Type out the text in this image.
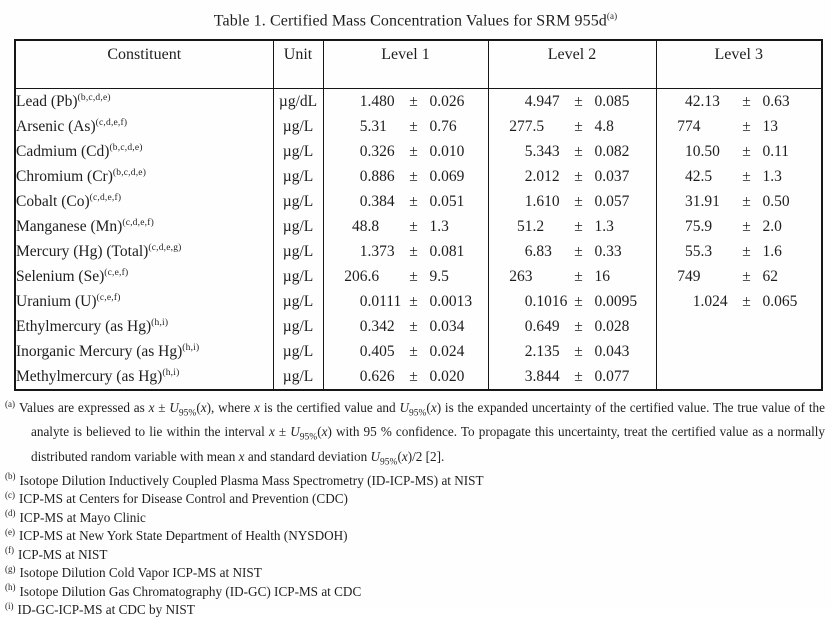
Table 1. Certified Mass Concentration Values for SRM $955d^{(a)}$
Constituent	Unit	Level 1	Level 2	Level 3
Lead $(Pb)^{(b,c,d,e)}$	µg/dL	1.480 ± 0.026	4.947 ± 0.085	42.13 ± 0.63
Arsenic $(As)^{(c,d,e,f)}$	µg/L	5.31 ± 0.76	277.5 ± 4.8	774 ± 13
Cadmium $(Cd)^{(b,c,d,e)}$	µg/L	0.326 ± 0.010	5.343 ± 0.082	10.50 ± 0.11
Chromium $(Cr)^{(b,c,d,e)}$	µg/L	0.886 ± 0.069	2.012 ± 0.037	42.5 ± 1.3
Cobalt $(Co)^{(c,d,e,f)}$	µg/L	0.384 ± 0.051	1.610 ± 0.057	31.91 ± 0.50
Manganese $(Mn)^{(c,d,e,f)}$	µg/L	48.8 ± 1.3	51.2 ± 1.3	75.9 ± 2.0
Mercury (Hg) (Total)$^{(c,d,e,g)}$	µg/L	1.373 ± 0.081	6.83 ± 0.33	55.3 ± 1.6
Selenium $(Se)^{(c,e,f)}$	µg/L	206.6 ± 9.5	263 ± 16	749 ± 62
Uranium $(U)^{(c,e,f)}$	µg/L	0.0111 ± 0.0013	0.1016 ± 0.0095	1.024 ± 0.065
Ethylmercury (as Hg)$^{(h,i)}$	µg/L	0.342 ± 0.034	0.649 ± 0.028	
Inorganic Mercury (as Hg)$^{(h,i)}$	µg/L	0.405 ± 0.024	2.135 ± 0.043	
Methylmercury (as Hg)$^{(h,i)}$	µg/L	0.626 ± 0.020	3.844 ± 0.077	
$^{(a)}$ Values are expressed as $x \pm U_{95\%}(x)$, where x is the certified value and $U_{95\%}(x)$ is the expanded uncertainty of the certified value. The true value of the analyte is believed to lie within the interval $x \pm U_{95\%}(x)$ with 95 % confidence. To propagate this uncertainty, treat the certified value as a normally distributed random variable with mean x and standard deviation $U_{95\%}(x)/2$ [2].
$^{(b)}$ Isotope Dilution Inductively Coupled Plasma Mass Spectrometry (ID-ICP-MS) at NIST
$^{(c)}$ ICP-MS at Centers for Disease Control and Prevention (CDC)
$^{(d)}$ ICP-MS at Mayo Clinic
$^{(e)}$ ICP-MS at New York State Department of Health (NYSDOH)
$^{(f)}$ ICP-MS at NIST
$^{(g)}$ Isotope Dilution Cold Vapor ICP-MS at NIST
$^{(h)}$ Isotope Dilution Gas Chromatography (ID-GC) ICP-MS at CDC
$^{(i)}$ ID-GC-ICP-MS at CDC by NIST
